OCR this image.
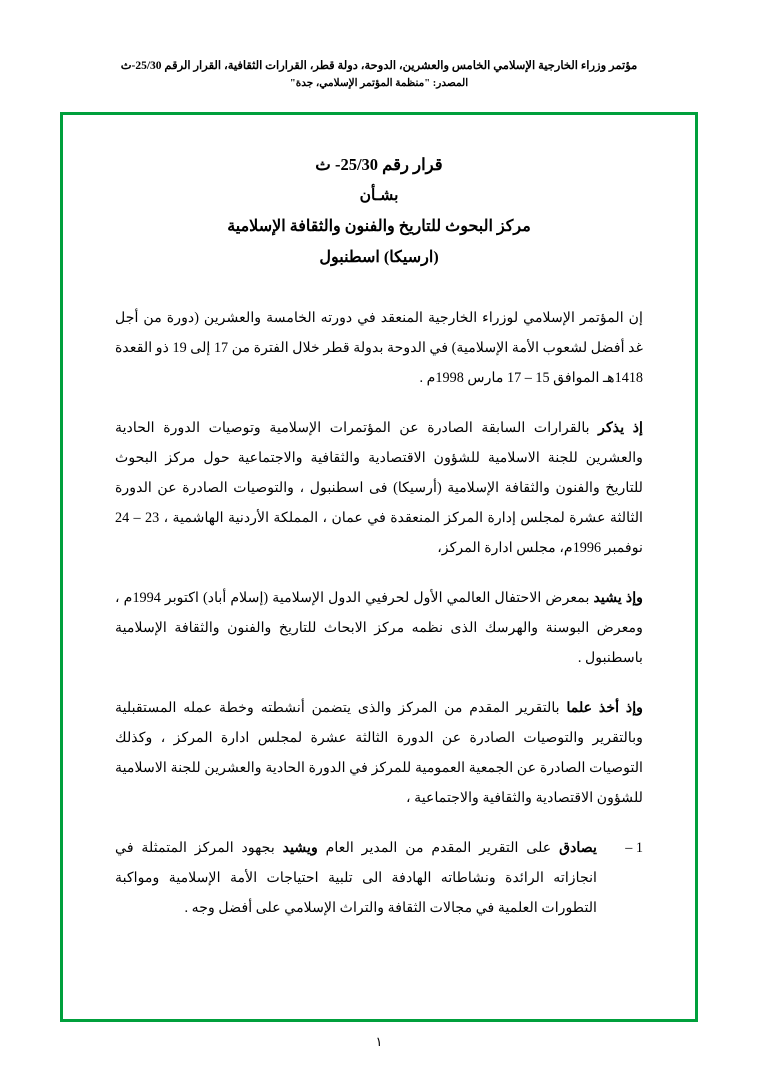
مؤتمر وزراء الخارجية الإسلامي الخامس والعشرين، الدوحة، دولة قطر، القرارات الثقافية، القرار الرقم 25/30-ث
المصدر: "منظمة المؤتمر الإسلامي، جدة"
قرار رقم 25/30- ث
بشـأن
مركز البحوث للتاريخ والفنون والثقافة الإسلامية
(ارسيكا) اسطنبول

إن المؤتمر الإسلامي لوزراء الخارجية المنعقد في دورته الخامسة والعشرين (دورة من أجل غد أفضل لشعوب الأمة الإسلامية) في الدوحة بدولة قطر خلال الفترة من 17 إلى 19 ذو القعدة 1418هـ الموافق 15 – 17 مارس 1998م .

إذ يذكر بالقرارات السابقة الصادرة عن المؤتمرات الإسلامية وتوصيات الدورة الحادية والعشرين للجنة الاسلامية للشؤون الاقتصادية والثقافية والاجتماعية حول مركز البحوث للتاريخ والفنون والثقافة الإسلامية (أرسيكا) فى اسطنبول ، والتوصيات الصادرة عن الدورة الثالثة عشرة لمجلس إدارة المركز المنعقدة في عمان ، المملكة الأردنية الهاشمية ، 23 – 24 نوفمبر 1996م، مجلس ادارة المركز،

وإذ يشيد بمعرض الاحتفال العالمي الأول لحرفيي الدول الإسلامية (إسلام أباد) اكتوبر 1994م ، ومعرض البوسنة والهرسك الذى نظمه مركز الابحاث للتاريخ والفنون والثقافة الإسلامية باسطنبول .

وإذ أخذ علما بالتقرير المقدم من المركز والذى يتضمن أنشطته وخطة عمله المستقبلية وبالتقرير والتوصيات الصادرة عن الدورة الثالثة عشرة لمجلس ادارة المركز ، وكذلك التوصيات الصادرة عن الجمعية العمومية للمركز في الدورة الحادية والعشرين للجنة الاسلامية للشؤون الاقتصادية والثقافية والاجتماعية ،

1 –
يصادق على التقرير المقدم من المدير العام ويشيد بجهود المركز المتمثلة في انجازاته الرائدة ونشاطاته الهادفة الى تلبية احتياجات الأمة الإسلامية ومواكبة التطورات العلمية في مجالات الثقافة والتراث الإسلامي على أفضل وجه .
١
